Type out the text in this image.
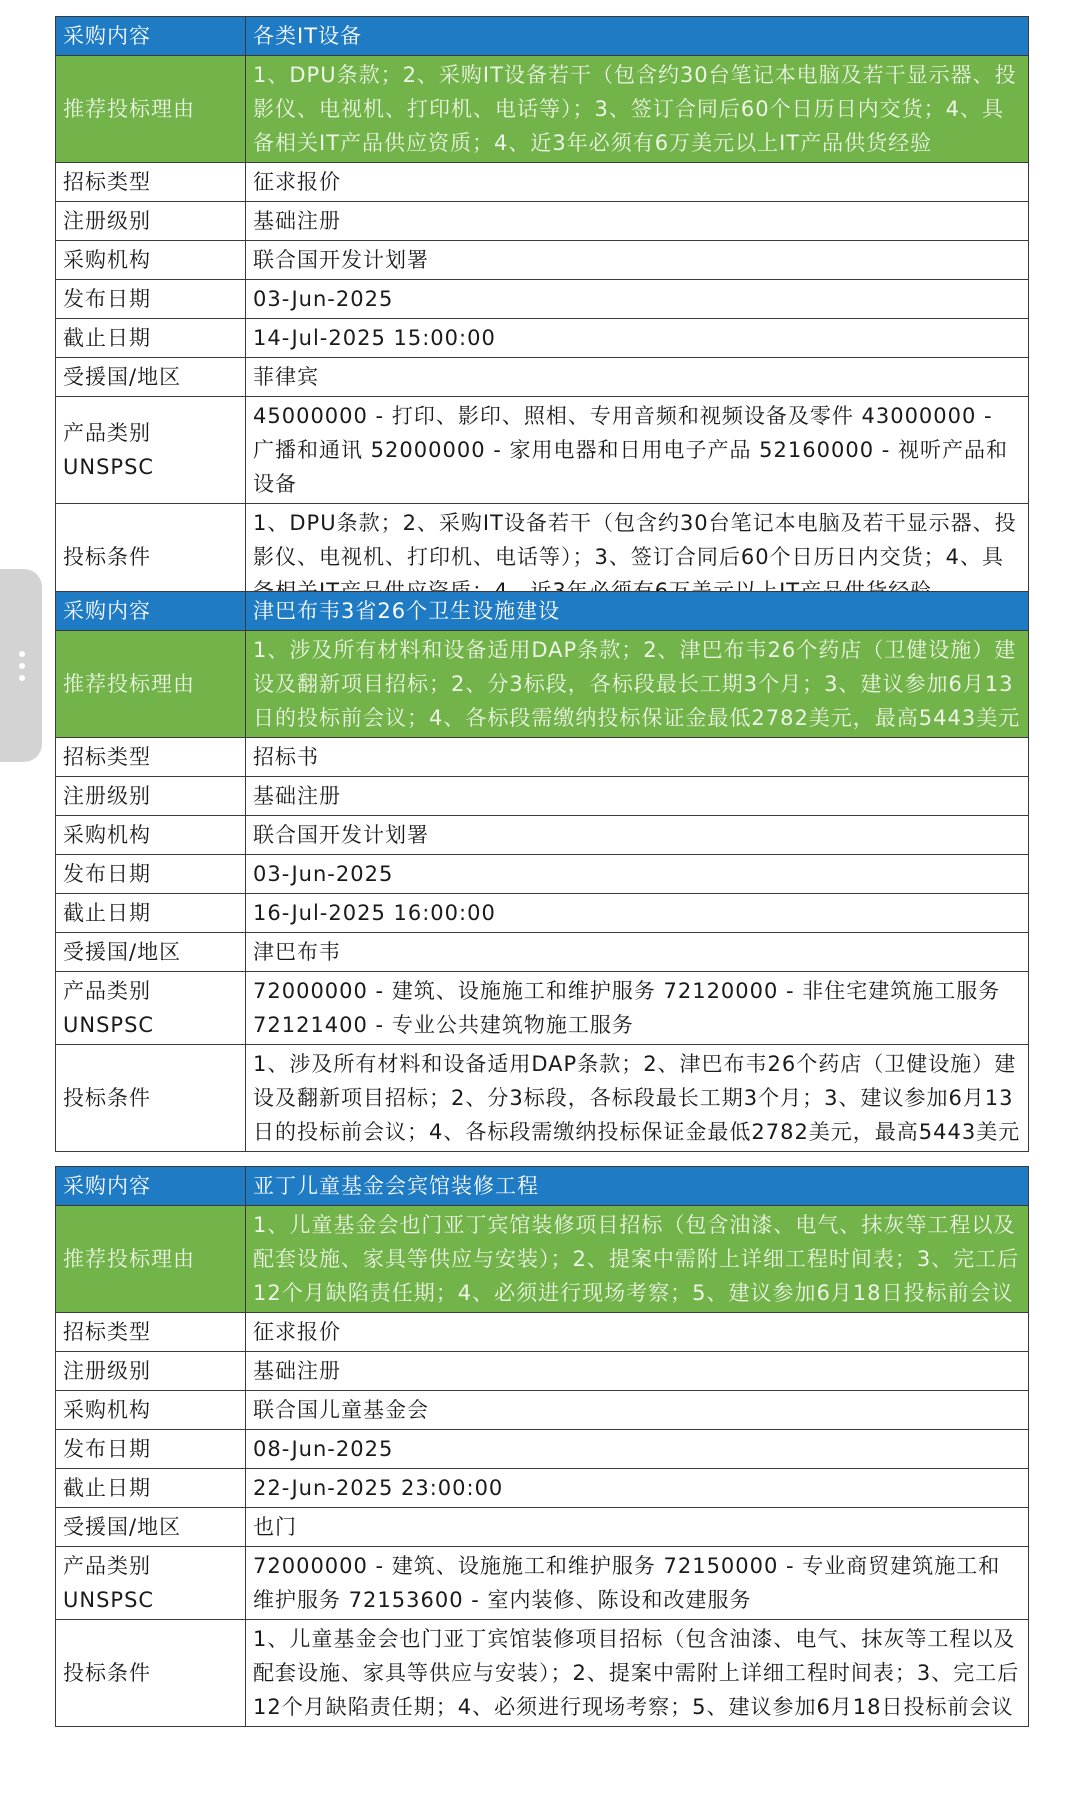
采购内容	各类IT设备
推荐投标理由	1、DPU条款；2、采购IT设备若干（包含约30台笔记本电脑及若干显示器、投影仪、电视机、打印机、电话等）；3、签订合同后60个日历日内交货；4、具备相关IT产品供应资质；4、近3年必须有6万美元以上IT产品供货经验
招标类型	征求报价
注册级别	基础注册
采购机构	联合国开发计划署
发布日期	03-Jun-2025
截止日期	14-Jul-2025 15:00:00
受援国/地区	菲律宾
产品类别UNSPSC	45000000 - 打印、影印、照相、专用音频和视频设备及零件 43000000 - 广播和通讯 52000000 - 家用电器和日用电子产品 52160000 - 视听产品和设备
投标条件	1、DPU条款；2、采购IT设备若干（包含约30台笔记本电脑及若干显示器、投影仪、电视机、打印机、电话等）；3、签订合同后60个日历日内交货；4、具
采购内容	津巴布韦3省26个卫生设施建设
推荐投标理由	1、涉及所有材料和设备适用DAP条款；2、津巴布韦26个药店（卫健设施）建设及翻新项目招标；2、分3标段，各标段最长工期3个月；3、建议参加6月13日的投标前会议；4、各标段需缴纳投标保证金最低2782美元，最高5443美元
招标类型	招标书
注册级别	基础注册
采购机构	联合国开发计划署
发布日期	03-Jun-2025
截止日期	16-Jul-2025 16:00:00
受援国/地区	津巴布韦
产品类别UNSPSC	72000000 - 建筑、设施施工和维护服务 72120000 - 非住宅建筑施工服务 72121400 - 专业公共建筑物施工服务
投标条件	1、涉及所有材料和设备适用DAP条款；2、津巴布韦26个药店（卫健设施）建设及翻新项目招标；2、分3标段，各标段最长工期3个月；3、建议参加6月13日的投标前会议；4、各标段需缴纳投标保证金最低2782美元，最高5443美元
采购内容	亚丁儿童基金会宾馆装修工程
推荐投标理由	1、儿童基金会也门亚丁宾馆装修项目招标（包含油漆、电气、抹灰等工程以及配套设施、家具等供应与安装）；2、提案中需附上详细工程时间表；3、完工后12个月缺陷责任期；4、必须进行现场考察；5、建议参加6月18日投标前会议
招标类型	征求报价
注册级别	基础注册
采购机构	联合国儿童基金会
发布日期	08-Jun-2025
截止日期	22-Jun-2025 23:00:00
受援国/地区	也门
产品类别UNSPSC	72000000 - 建筑、设施施工和维护服务 72150000 - 专业商贸建筑施工和维护服务 72153600 - 室内装修、陈设和改建服务
投标条件	1、儿童基金会也门亚丁宾馆装修项目招标（包含油漆、电气、抹灰等工程以及配套设施、家具等供应与安装）；2、提案中需附上详细工程时间表；3、完工后12个月缺陷责任期；4、必须进行现场考察；5、建议参加6月18日投标前会议
